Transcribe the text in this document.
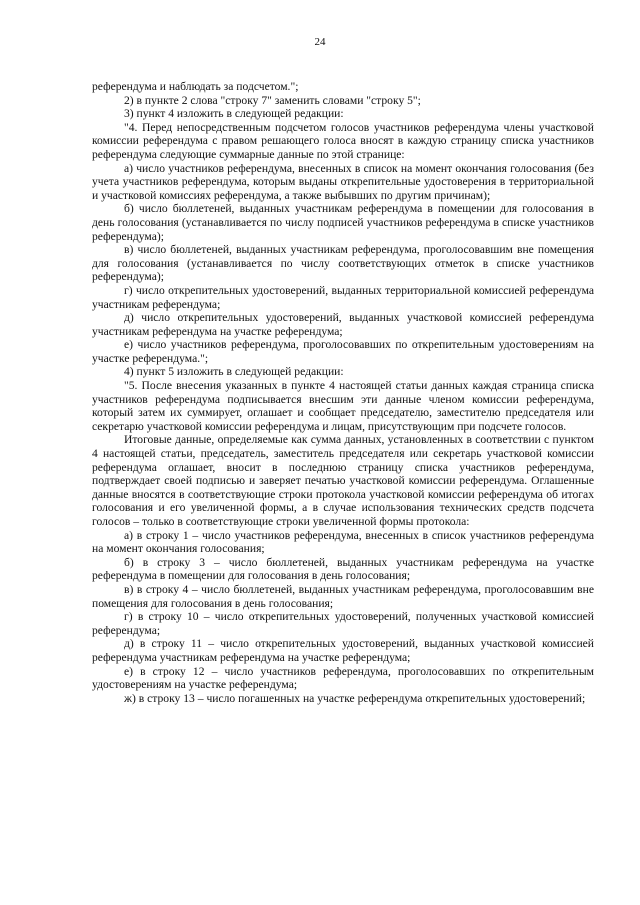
24

референдума и наблюдать за подсчетом.";

2) в пункте 2 слова "строку 7" заменить словами "строку 5";

3) пункт 4 изложить в следующей редакции:

"4. Перед непосредственным подсчетом голосов участников референдума члены участковой комиссии референдума с правом решающего голоса вносят в каждую страницу списка участников референдума следующие суммарные данные по этой странице:

а) число участников референдума, внесенных в список на момент окончания голосования (без учета участников референдума, которым выданы открепительные удостоверения в территориальной и участковой комиссиях референдума, а также выбывших по другим причинам);

б) число бюллетеней, выданных участникам референдума в помещении для голосования в день голосования (устанавливается по числу подписей участников референдума в списке участников референдума);

в) число бюллетеней, выданных участникам референдума, проголосовавшим вне помещения для голосования (устанавливается по числу соответствующих отметок в списке участников референдума);

г) число открепительных удостоверений, выданных территориальной комиссией референдума участникам референдума;

д) число открепительных удостоверений, выданных участковой комиссией референдума участникам референдума на участке референдума;

е) число участников референдума, проголосовавших по открепительным удостоверениям на участке референдума.";

4) пункт 5 изложить в следующей редакции:

"5. После внесения указанных в пункте 4 настоящей статьи данных каждая страница списка участников референдума подписывается внесшим эти данные членом комиссии референдума, который затем их суммирует, оглашает и сообщает председателю, заместителю председателя или секретарю участковой комиссии референдума и лицам, присутствующим при подсчете голосов.

Итоговые данные, определяемые как сумма данных, установленных в соответствии с пунктом 4 настоящей статьи, председатель, заместитель председателя или секретарь участковой комиссии референдума оглашает, вносит в последнюю страницу списка участников референдума, подтверждает своей подписью и заверяет печатью участковой комиссии референдума. Оглашенные данные вносятся в соответствующие строки протокола участковой комиссии референдума об итогах голосования и его увеличенной формы, а в случае использования технических средств подсчета голосов – только в соответствующие строки увеличенной формы протокола:

а) в строку 1 – число участников референдума, внесенных в список участников референдума на момент окончания голосования;

б) в строку 3 – число бюллетеней, выданных участникам референдума на участке референдума в помещении для голосования в день голосования;

в) в строку 4 – число бюллетеней, выданных участникам референдума, проголосовавшим вне помещения для голосования в день голосования;

г) в строку 10 – число открепительных удостоверений, полученных участковой комиссией референдума;

д) в строку 11 – число открепительных удостоверений, выданных участковой комиссией референдума участникам референдума на участке референдума;

е) в строку 12 – число участников референдума, проголосовавших по открепительным удостоверениям на участке референдума;

ж) в строку 13 – число погашенных на участке референдума открепительных удостоверений;
